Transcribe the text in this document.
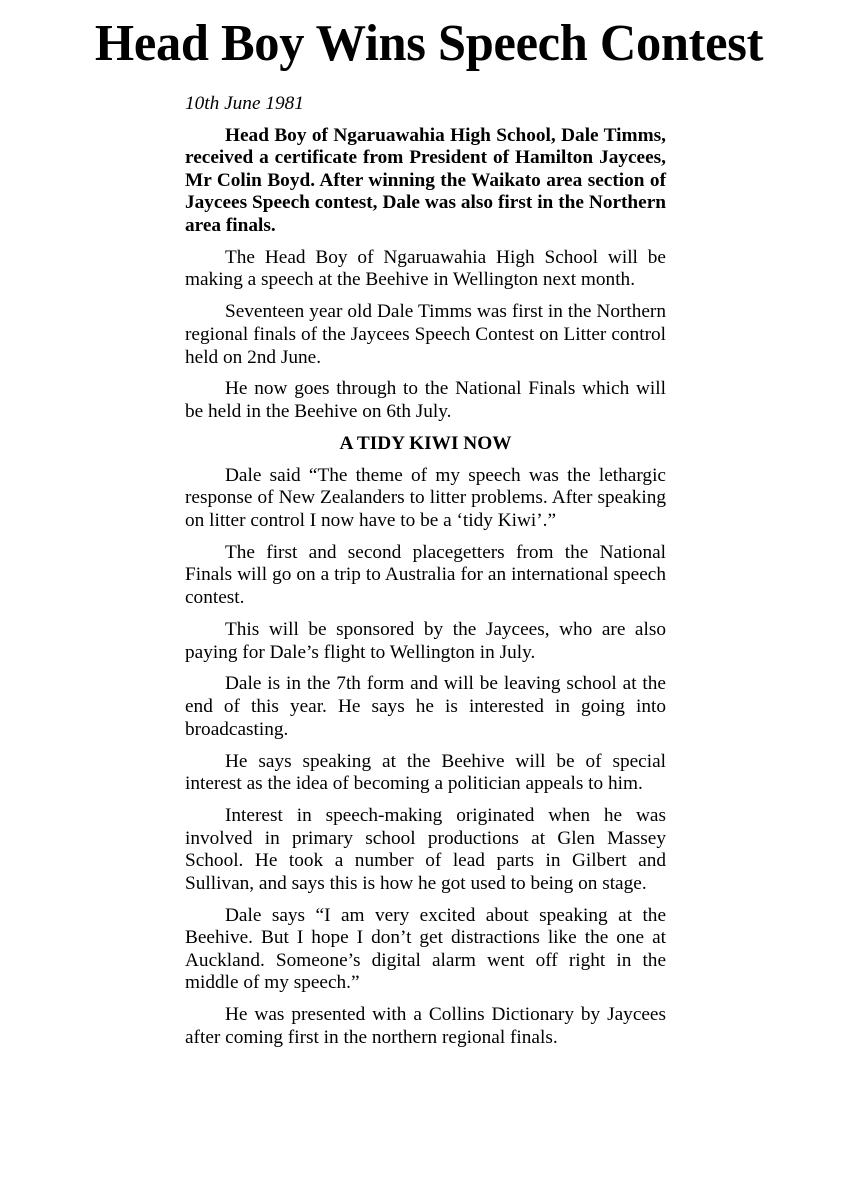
Head Boy Wins Speech Contest

10th June 1981

Head Boy of Ngaruawahia High School, Dale Timms, received a certificate from President of Hamilton Jaycees, Mr Colin Boyd. After winning the Waikato area section of Jaycees Speech contest, Dale was also first in the Northern area finals.

The Head Boy of Ngaruawahia High School will be making a speech at the Beehive in Wellington next month.

Seventeen year old Dale Timms was first in the Northern regional finals of the Jaycees Speech Contest on Litter control held on 2nd June.

He now goes through to the National Finals which will be held in the Beehive on 6th July.

A TIDY KIWI NOW

Dale said “The theme of my speech was the lethargic response of New Zealanders to litter problems. After speaking on litter control I now have to be a ‘tidy Kiwi’.”

The first and second placegetters from the National Finals will go on a trip to Australia for an international speech contest.

This will be sponsored by the Jaycees, who are also paying for Dale’s flight to Wellington in July.

Dale is in the 7th form and will be leaving school at the end of this year. He says he is interested in going into broadcasting.

He says speaking at the Beehive will be of special interest as the idea of becoming a politician appeals to him.

Interest in speech-making originated when he was involved in primary school productions at Glen Massey School. He took a number of lead parts in Gilbert and Sullivan, and says this is how he got used to being on stage.

Dale says “I am very excited about speaking at the Beehive. But I hope I don’t get distractions like the one at Auckland. Someone’s digital alarm went off right in the middle of my speech.”

He was presented with a Collins Dictionary by Jaycees after coming first in the northern regional finals.
